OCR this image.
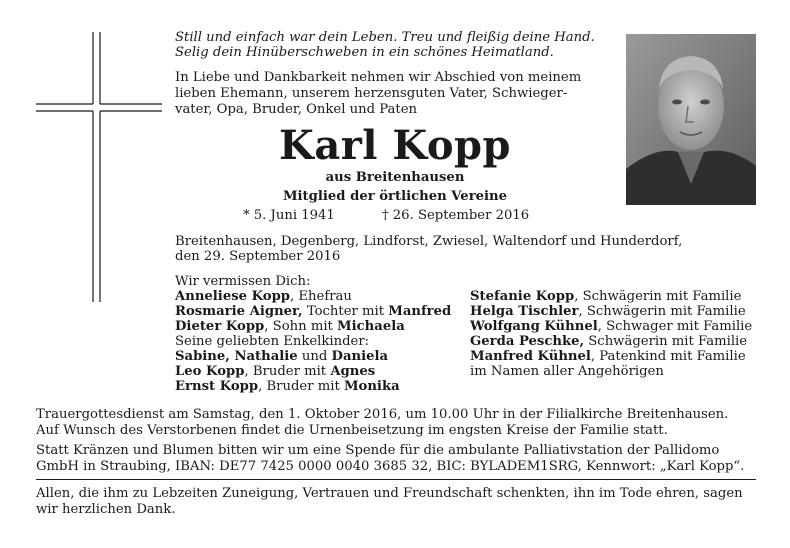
Still und einfach war dein Leben. Treu und fleißig deine Hand.
Selig dein Hinüberschweben in ein schönes Heimatland.
In Liebe und Dankbarkeit nehmen wir Abschied von meinem
lieben Ehemann, unserem herzensguten Vater, Schwieger-
vater, Opa, Bruder, Onkel und Paten
Karl Kopp
aus Breitenhausen
Mitglied der örtlichen Vereine
* 5. Juni 1941	† 26. September 2016
Breitenhausen, Degenberg, Lindforst, Zwiesel, Waltendorf und Hunderdorf,
den 29. September 2016
Wir vermissen Dich:
Anneliese Kopp, Ehefrau
Rosmarie Aigner, Tochter mit Manfred
Dieter Kopp, Sohn mit Michaela
Seine geliebten Enkelkinder:
Sabine, Nathalie und Daniela
Leo Kopp, Bruder mit Agnes
Ernst Kopp, Bruder mit Monika
Stefanie Kopp, Schwägerin mit Familie
Helga Tischler, Schwägerin mit Familie
Wolfgang Kühnel, Schwager mit Familie
Gerda Peschke, Schwägerin mit Familie
Manfred Kühnel, Patenkind mit Familie
im Namen aller Angehörigen
Trauergottesdienst am Samstag, den 1. Oktober 2016, um 10.00 Uhr in der Filialkirche Breitenhausen.
Auf Wunsch des Verstorbenen findet die Urnenbeisetzung im engsten Kreise der Familie statt.
Statt Kränzen und Blumen bitten wir um eine Spende für die ambulante Palliativstation der Pallidomo
GmbH in Straubing, IBAN: DE77 7425 0000 0040 3685 32, BIC: BYLADEM1SRG, Kennwort: „Karl Kopp“.
Allen, die ihm zu Lebzeiten Zuneigung, Vertrauen und Freundschaft schenkten, ihn im Tode ehren, sagen
wir herzlichen Dank.
